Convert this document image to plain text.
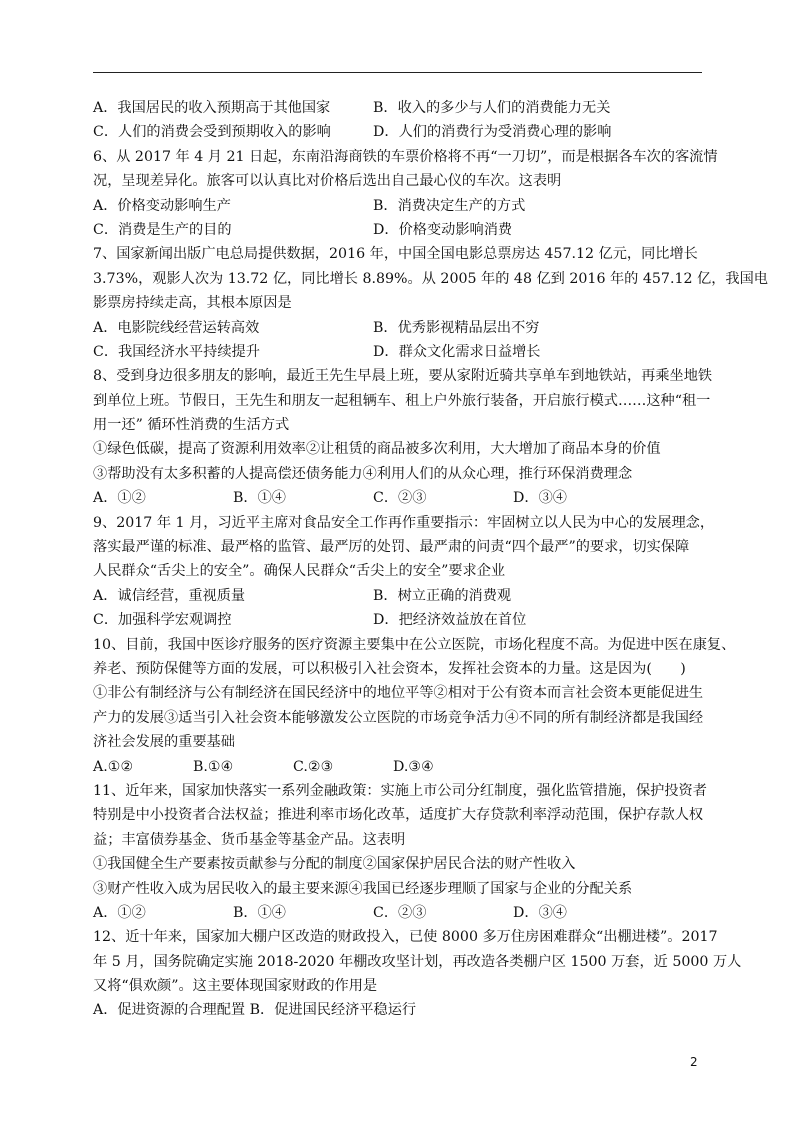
A．我国居民的收入预期高于其他国家	B．收入的多少与人们的消费能力无关
C．人们的消费会受到预期收入的影响	D．人们的消费行为受消费心理的影响
6、从 2017 年 4 月 21 日起，东南沿海商铁的车票价格将不再“一刀切”，而是根据各车次的客流情
况，呈现差异化。旅客可以认真比对价格后选出自己最心仪的车次。这表明
A．价格变动影响生产	B．消费决定生产的方式
C．消费是生产的目的	D．价格变动影响消费
7、国家新闻出版广电总局提供数据，2016 年，中国全国电影总票房达 457.12 亿元，同比增长
3.73%，观影人次为 13.72 亿，同比增长 8.89%。从 2005 年的 48 亿到 2016 年的 457.12 亿，我国电
影票房持续走高，其根本原因是
A．电影院线经营运转高效	B．优秀影视精品层出不穷
C．我国经济水平持续提升	D．群众文化需求日益增长
8、受到身边很多朋友的影响，最近王先生早晨上班，要从家附近骑共享单车到地铁站，再乘坐地铁
到单位上班。节假日，王先生和朋友一起租辆车、租上户外旅行装备，开启旅行模式……这种“租一
用一还” 循环性消费的生活方式
①绿色低碳，提高了资源利用效率②让租赁的商品被多次利用，大大增加了商品本身的价值
③帮助没有太多积蓄的人提高偿还债务能力④利用人们的从众心理，推行环保消费理念
A．①②	B．①④	C．②③	D．③④
9、2017 年 1 月，习近平主席对食品安全工作再作重要指示：牢固树立以人民为中心的发展理念，
落实最严谨的标准、最严格的监管、最严厉的处罚、最严肃的问责“四个最严”的要求，切实保障
人民群众“舌尖上的安全”。确保人民群众“舌尖上的安全”要求企业
A．诚信经营，重视质量	B．树立正确的消费观
C．加强科学宏观调控	D．把经济效益放在首位
10、目前，我国中医诊疗服务的医疗资源主要集中在公立医院，市场化程度不高。为促进中医在康复、
养老、预防保健等方面的发展，可以积极引入社会资本，发挥社会资本的力量。这是因为(　　)
①非公有制经济与公有制经济在国民经济中的地位平等②相对于公有资本而言社会资本更能促进生
产力的发展③适当引入社会资本能够激发公立医院的市场竞争活力④不同的所有制经济都是我国经
济社会发展的重要基础
A.①②	B.①④	C.②③	D.③④
11、近年来，国家加快落实一系列金融政策：实施上市公司分红制度，强化监管措施，保护投资者
特别是中小投资者合法权益；推进利率市场化改革，适度扩大存贷款利率浮动范围，保护存款人权
益；丰富债券基金、货币基金等基金产品。这表明
①我国健全生产要素按贡献参与分配的制度②国家保护居民合法的财产性收入
③财产性收入成为居民收入的最主要来源④我国已经逐步理顺了国家与企业的分配关系
A．①②	B．①④	C．②③	D．③④
12、近十年来，国家加大棚户区改造的财政投入，已使 8000 多万住房困难群众“出棚进楼”。2017
年 5 月，国务院确定实施 2018-2020 年棚改攻坚计划，再改造各类棚户区 1500 万套，近 5000 万人
又将“俱欢颜”。这主要体现国家财政的作用是
A．促进资源的合理配置 B．促进国民经济平稳运行
2
